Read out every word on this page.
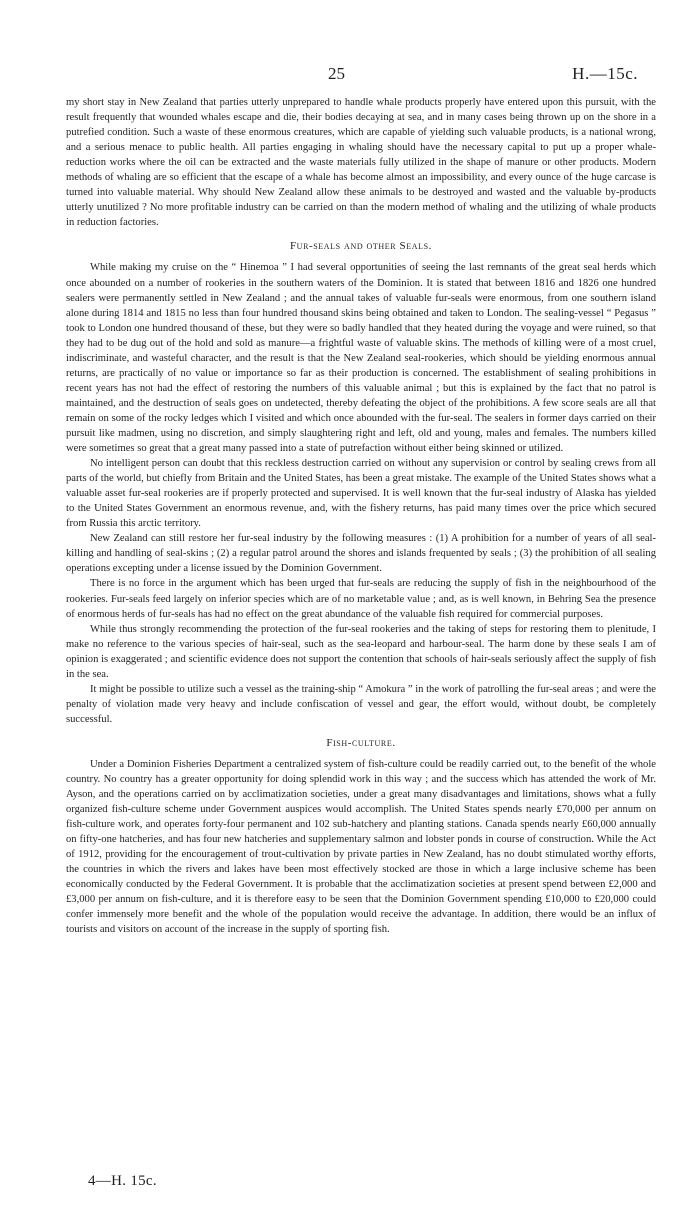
25	H.—15c.

my short stay in New Zealand that parties utterly unprepared to handle whale products properly have entered upon this pursuit, with the result frequently that wounded whales escape and die, their bodies decaying at sea, and in many cases being thrown up on the shore in a putrefied condition. Such a waste of these enormous creatures, which are capable of yielding such valuable products, is a national wrong, and a serious menace to public health. All parties engaging in whaling should have the necessary capital to put up a proper whale-reduction works where the oil can be extracted and the waste materials fully utilized in the shape of manure or other products. Modern methods of whaling are so efficient that the escape of a whale has become almost an impossibility, and every ounce of the huge carcase is turned into valuable material. Why should New Zealand allow these animals to be destroyed and wasted and the valuable by-products utterly unutilized ? No more profitable industry can be carried on than the modern method of whaling and the utilizing of whale products in reduction factories.

Fur-seals and other Seals.

While making my cruise on the “ Hinemoa ” I had several opportunities of seeing the last remnants of the great seal herds which once abounded on a number of rookeries in the southern waters of the Dominion. It is stated that between 1816 and 1826 one hundred sealers were permanently settled in New Zealand ; and the annual takes of valuable fur-seals were enormous, from one southern island alone during 1814 and 1815 no less than four hundred thousand skins being obtained and taken to London. The sealing-vessel “ Pegasus ” took to London one hundred thousand of these, but they were so badly handled that they heated during the voyage and were ruined, so that they had to be dug out of the hold and sold as manure—a frightful waste of valuable skins. The methods of killing were of a most cruel, indiscriminate, and wasteful character, and the result is that the New Zealand seal-rookeries, which should be yielding enormous annual returns, are practically of no value or importance so far as their production is concerned. The establishment of sealing prohibitions in recent years has not had the effect of restoring the numbers of this valuable animal ; but this is explained by the fact that no patrol is maintained, and the destruction of seals goes on undetected, thereby defeating the object of the prohibitions. A few score seals are all that remain on some of the rocky ledges which I visited and which once abounded with the fur-seal. The sealers in former days carried on their pursuit like madmen, using no discretion, and simply slaughtering right and left, old and young, males and females. The numbers killed were sometimes so great that a great many passed into a state of putrefaction without either being skinned or utilized.

No intelligent person can doubt that this reckless destruction carried on without any supervision or control by sealing crews from all parts of the world, but chiefly from Britain and the United States, has been a great mistake. The example of the United States shows what a valuable asset fur-seal rookeries are if properly protected and supervised. It is well known that the fur-seal industry of Alaska has yielded to the United States Government an enormous revenue, and, with the fishery returns, has paid many times over the price which secured from Russia this arctic territory.

New Zealand can still restore her fur-seal industry by the following measures : (1) A prohibition for a number of years of all seal-killing and handling of seal-skins ; (2) a regular patrol around the shores and islands frequented by seals ; (3) the prohibition of all sealing operations excepting under a license issued by the Dominion Government.

There is no force in the argument which has been urged that fur-seals are reducing the supply of fish in the neighbourhood of the rookeries. Fur-seals feed largely on inferior species which are of no marketable value ; and, as is well known, in Behring Sea the presence of enormous herds of fur-seals has had no effect on the great abundance of the valuable fish required for commercial purposes.

While thus strongly recommending the protection of the fur-seal rookeries and the taking of steps for restoring them to plenitude, I make no reference to the various species of hair-seal, such as the sea-leopard and harbour-seal. The harm done by these seals I am of opinion is exaggerated ; and scientific evidence does not support the contention that schools of hair-seals seriously affect the supply of fish in the sea.

It might be possible to utilize such a vessel as the training-ship “ Amokura ” in the work of patrolling the fur-seal areas ; and were the penalty of violation made very heavy and include confiscation of vessel and gear, the effort would, without doubt, be completely successful.

Fish-culture.

Under a Dominion Fisheries Department a centralized system of fish-culture could be readily carried out, to the benefit of the whole country. No country has a greater opportunity for doing splendid work in this way ; and the success which has attended the work of Mr. Ayson, and the operations carried on by acclimatization societies, under a great many disadvantages and limitations, shows what a fully organized fish-culture scheme under Government auspices would accomplish. The United States spends nearly £70,000 per annum on fish-culture work, and operates forty-four permanent and 102 sub-hatchery and planting stations. Canada spends nearly £60,000 annually on fifty-one hatcheries, and has four new hatcheries and supplementary salmon and lobster ponds in course of construction. While the Act of 1912, providing for the encouragement of trout-cultivation by private parties in New Zealand, has no doubt stimulated worthy efforts, the countries in which the rivers and lakes have been most effectively stocked are those in which a large inclusive scheme has been economically conducted by the Federal Government. It is probable that the acclimatization societies at present spend between £2,000 and £3,000 per annum on fish-culture, and it is therefore easy to be seen that the Dominion Government spending £10,000 to £20,000 could confer immensely more benefit and the whole of the population would receive the advantage. In addition, there would be an influx of tourists and visitors on account of the increase in the supply of sporting fish.

4—H. 15c.
